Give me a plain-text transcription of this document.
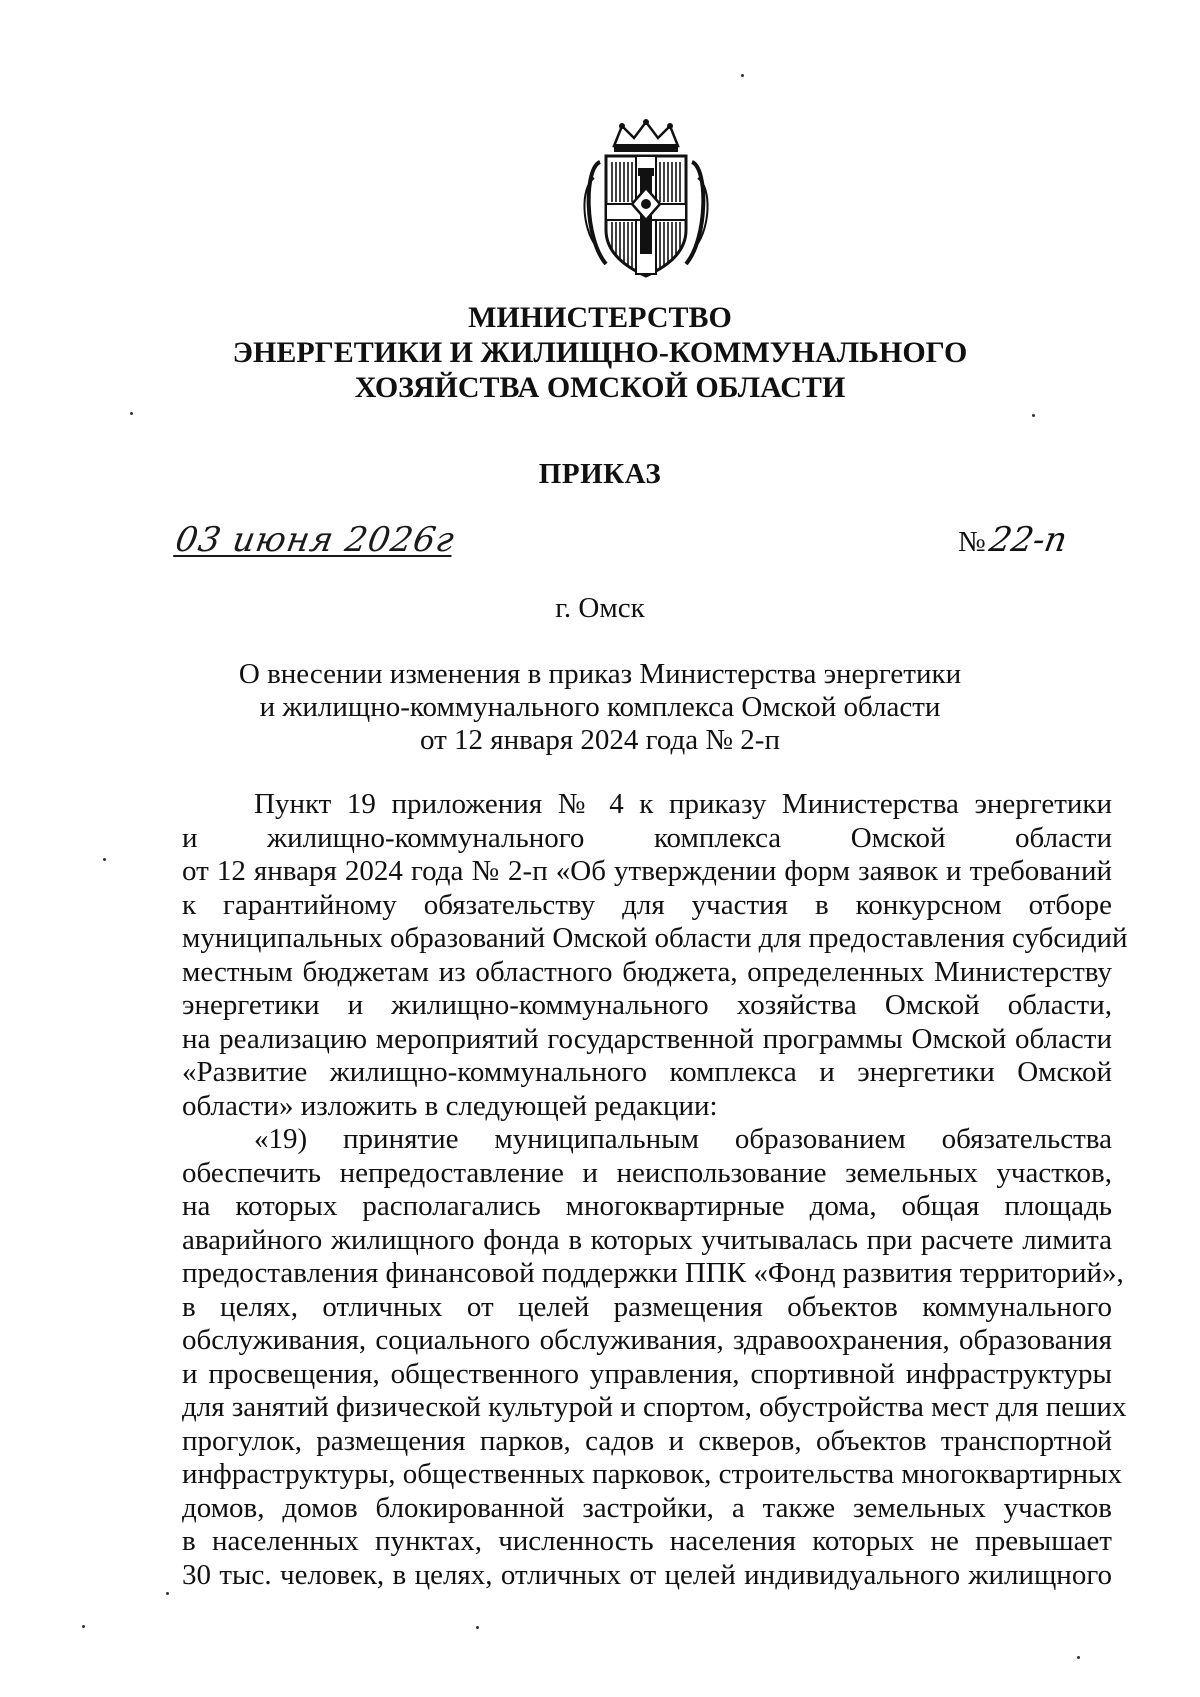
МИНИСТЕРСТВО
ЭНЕРГЕТИКИ И ЖИЛИЩНО-КОММУНАЛЬНОГО
ХОЗЯЙСТВА ОМСКОЙ ОБЛАСТИ
ПРИКАЗ
03 июня 2026г	№22-п
г. Омск
О внесении изменения в приказ Министерства энергетики
и жилищно-коммунального комплекса Омской области
от 12 января 2024 года № 2-п
Пункт 19 приложения № 4 к приказу Министерства энергетики
и жилищно-коммунального комплекса Омской области
от 12 января 2024 года № 2-п «Об утверждении форм заявок и требований
к гарантийному обязательству для участия в конкурсном отборе
муниципальных образований Омской области для предоставления субсидий
местным бюджетам из областного бюджета, определенных Министерству
энергетики и жилищно-коммунального хозяйства Омской области,
на реализацию мероприятий государственной программы Омской области
«Развитие жилищно-коммунального комплекса и энергетики Омской
области» изложить в следующей редакции:
«19) принятие муниципальным образованием обязательства
обеспечить непредоставление и неиспользование земельных участков,
на которых располагались многоквартирные дома, общая площадь
аварийного жилищного фонда в которых учитывалась при расчете лимита
предоставления финансовой поддержки ППК «Фонд развития территорий»,
в целях, отличных от целей размещения объектов коммунального
обслуживания, социального обслуживания, здравоохранения, образования
и просвещения, общественного управления, спортивной инфраструктуры
для занятий физической культурой и спортом, обустройства мест для пеших
прогулок, размещения парков, садов и скверов, объектов транспортной
инфраструктуры, общественных парковок, строительства многоквартирных
домов, домов блокированной застройки, а также земельных участков
в населенных пунктах, численность населения которых не превышает
30 тыс. человек, в целях, отличных от целей индивидуального жилищного
